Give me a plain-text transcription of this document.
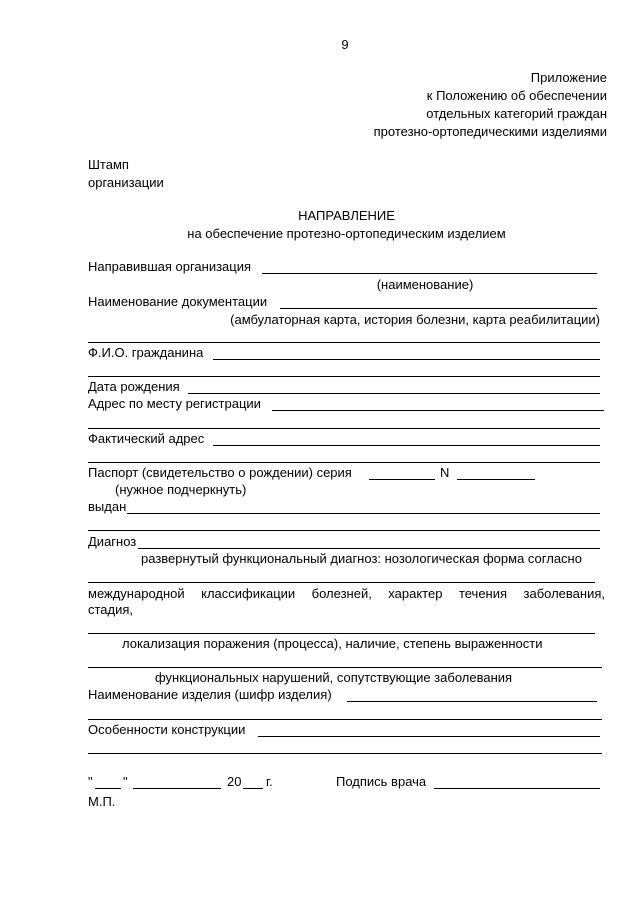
9
Приложение
к Положению об обеспечении
отдельных категорий граждан
протезно-ортопедическими изделиями
Штамп
организации
НАПРАВЛЕНИЕ
на обеспечение протезно-ортопедическим изделием
Направившая организация
(наименование)
Наименование документации
(амбулаторная карта, история болезни, карта реабилитации)
Ф.И.О. гражданина
Дата рождения
Адрес по месту регистрации
Фактический адрес
Паспорт (свидетельство о рождении) серия	N
(нужное подчеркнуть)
выдан
Диагноз
развернутый функциональный диагноз: нозологическая форма согласно
международной классификации болезней, характер течения заболевания,
стадия,
локализация поражения (процесса), наличие, степень выраженности
функциональных нарушений, сопутствующие заболевания
Наименование изделия (шифр изделия)
Особенности конструкции
" "	20 г.	Подпись врача
М.П.
